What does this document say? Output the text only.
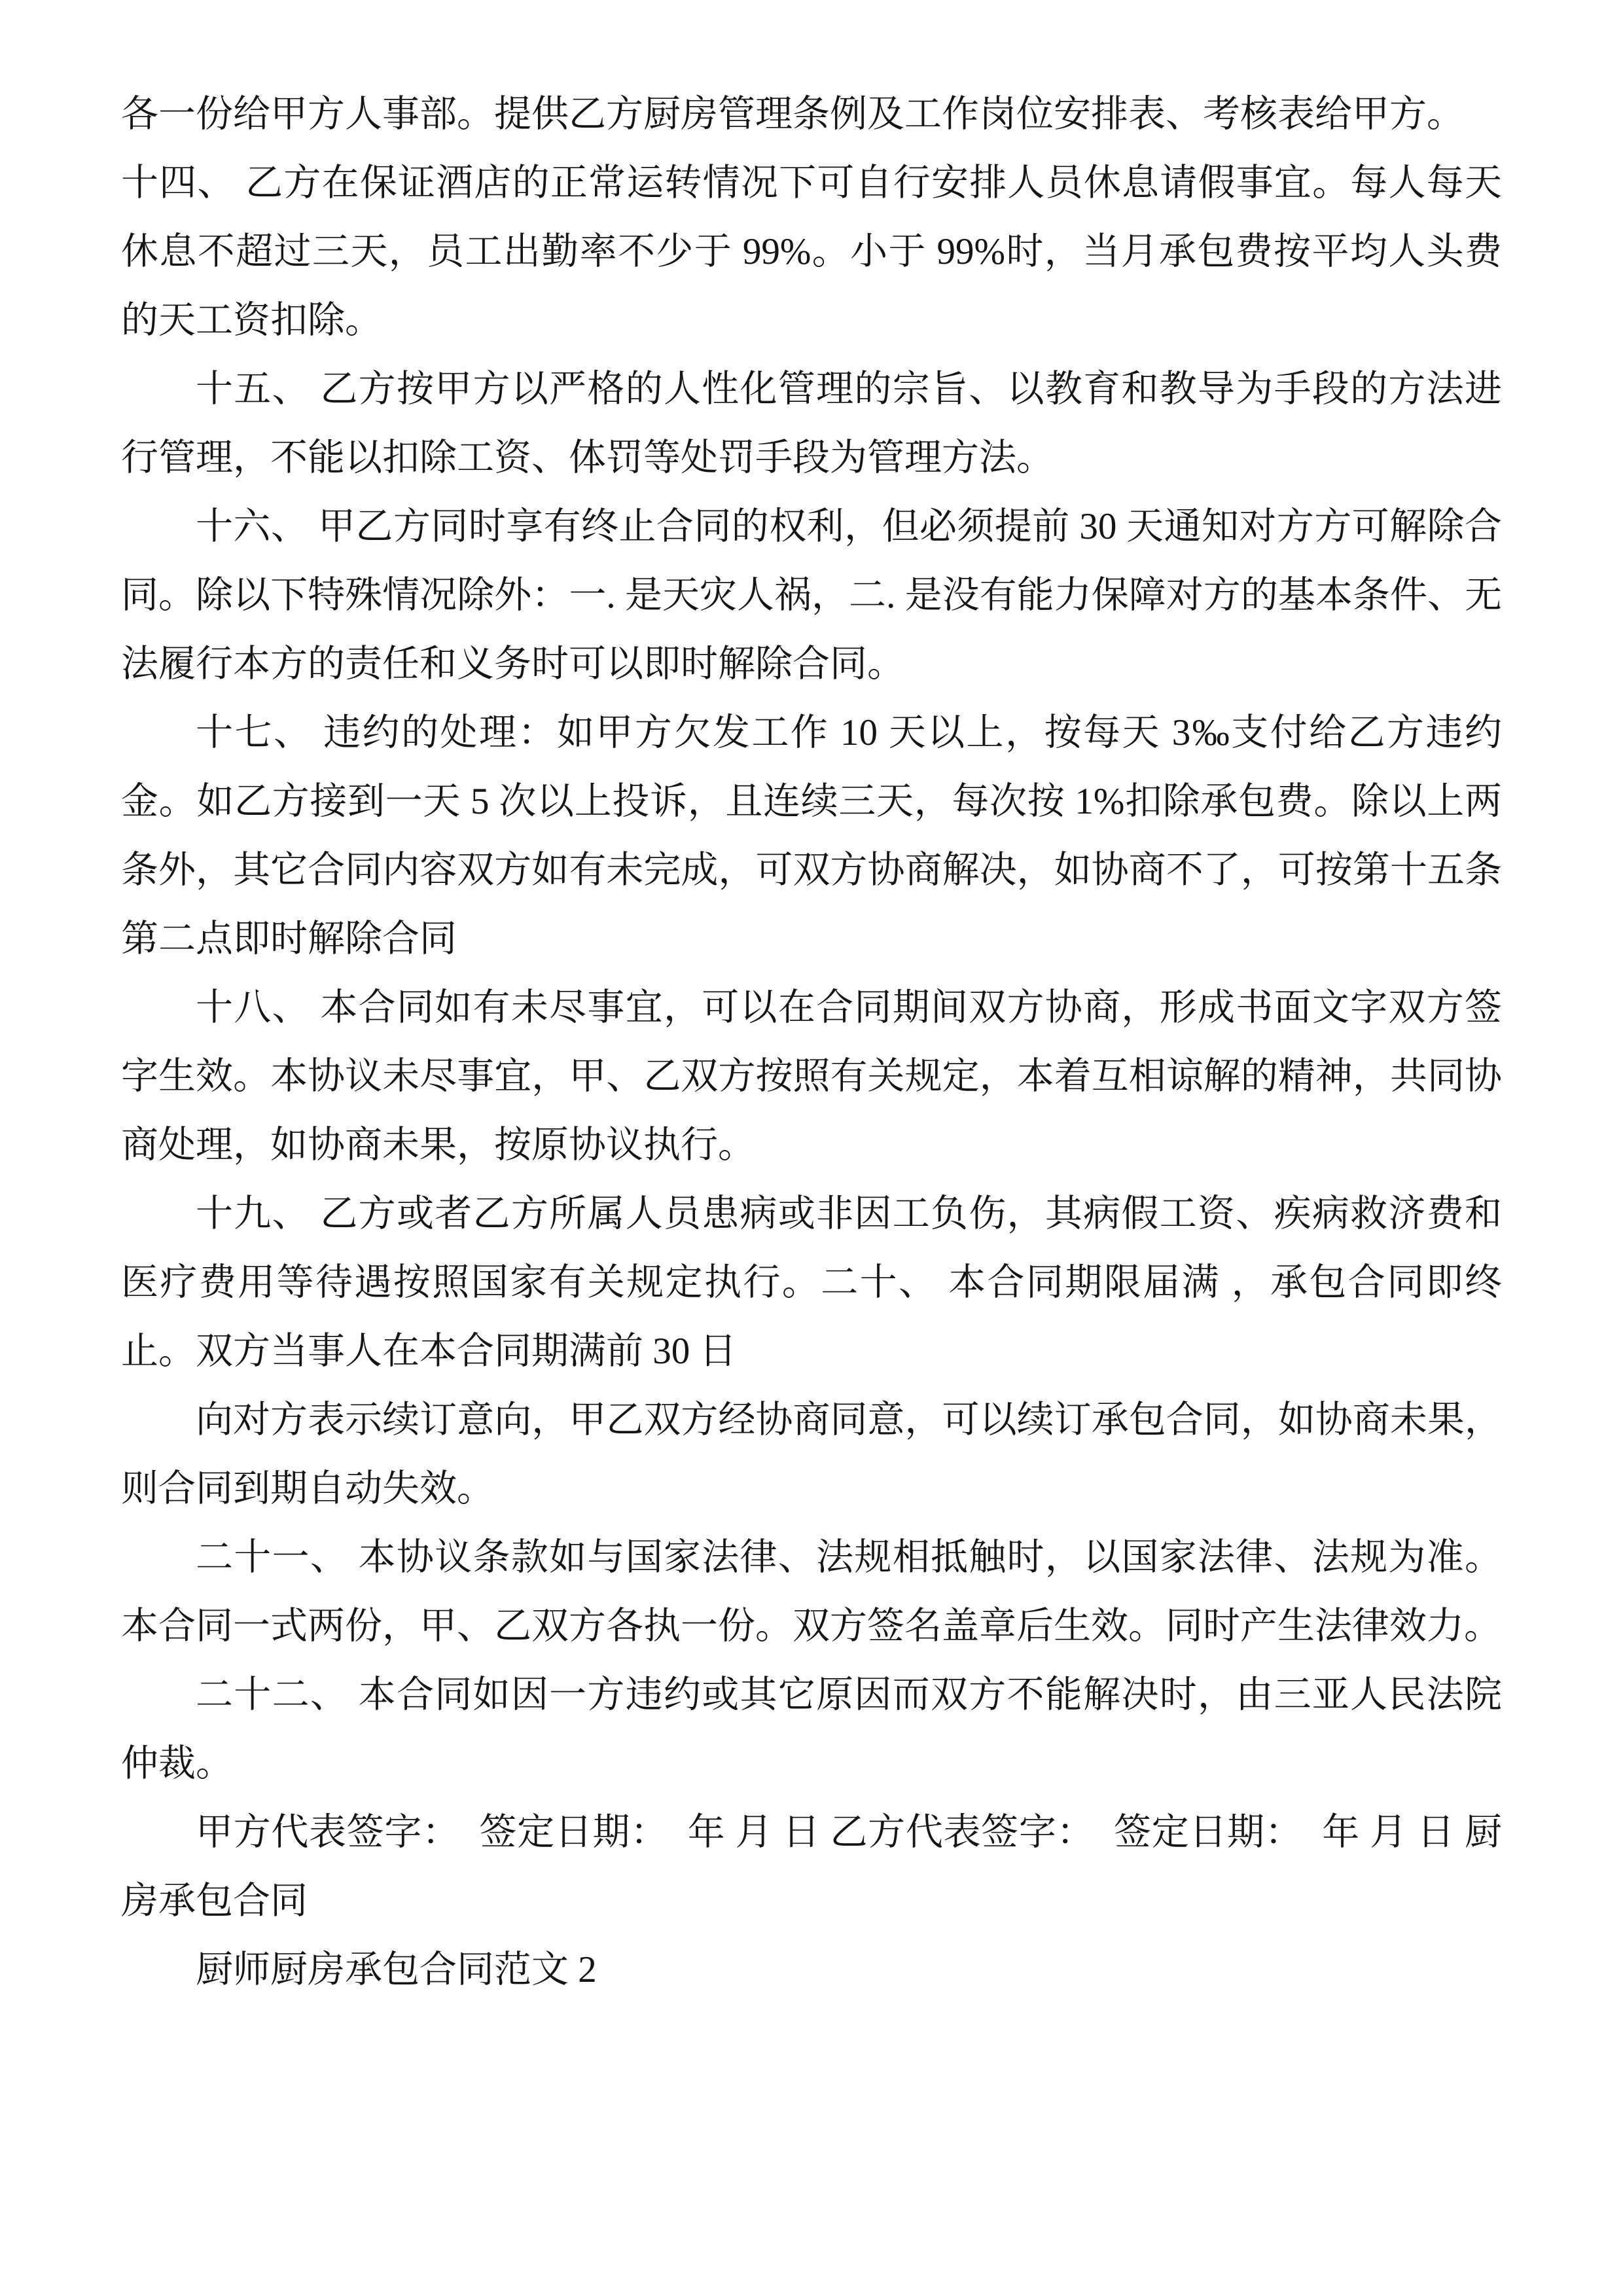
各一份给甲方人事部。提供乙方厨房管理条例及工作岗位安排表、考核表给甲方。

十四、 乙方在保证酒店的正常运转情况下可自行安排人员休息请假事宜。每人每天休息不超过三天，员工出勤率不少于 99%。小于 99%时，当月承包费按平均人头费的天工资扣除。

十五、 乙方按甲方以严格的人性化管理的宗旨、以教育和教导为手段的方法进行管理，不能以扣除工资、体罚等处罚手段为管理方法。

十六、 甲乙方同时享有终止合同的权利，但必须提前 30 天通知对方方可解除合同。除以下特殊情况除外：一. 是天灾人祸，二. 是没有能力保障对方的基本条件、无法履行本方的责任和义务时可以即时解除合同。

十七、 违约的处理：如甲方欠发工作 10 天以上，按每天 3‰支付给乙方违约金。如乙方接到一天 5 次以上投诉，且连续三天，每次按 1%扣除承包费。除以上两条外，其它合同内容双方如有未完成，可双方协商解决，如协商不了，可按第十五条第二点即时解除合同

十八、 本合同如有未尽事宜，可以在合同期间双方协商，形成书面文字双方签字生效。本协议未尽事宜，甲、乙双方按照有关规定，本着互相谅解的精神，共同协商处理，如协商未果，按原协议执行。

十九、 乙方或者乙方所属人员患病或非因工负伤，其病假工资、疾病救济费和医疗费用等待遇按照国家有关规定执行。二十、 本合同期限届满 ，承包合同即终止。双方当事人在本合同期满前 30 日

向对方表示续订意向，甲乙双方经协商同意，可以续订承包合同，如协商未果，则合同到期自动失效。

二十一、 本协议条款如与国家法律、法规相抵触时，以国家法律、法规为准。本合同一式两份，甲、乙双方各执一份。双方签名盖章后生效。同时产生法律效力。

二十二、 本合同如因一方违约或其它原因而双方不能解决时，由三亚人民法院仲裁。

甲方代表签字：  签定日期：  年 月 日 乙方代表签字：  签定日期：  年 月 日 厨房承包合同

厨师厨房承包合同范文 2
